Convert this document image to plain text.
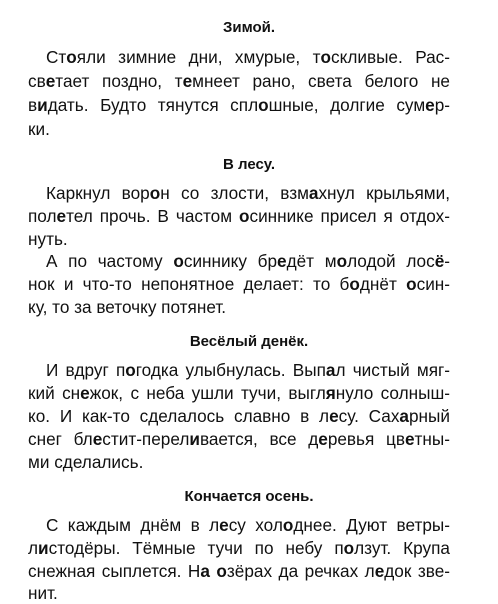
Зимой.
Стояли зимние дни, хмурые, тоскливые. Рас-
светает поздно, темнеет рано, света белого не
видать. Будто тянутся сплошные, долгие сумер-
ки.
В лесу.
Каркнул ворон со злости, взмахнул крыльями,
полетел прочь. В частом осиннике присел я отдох-
нуть.
А по частому осиннику бредёт молодой лосё-
нок и что-то непонятное делает: то боднёт осин-
ку, то за веточку потянет.
Весёлый денёк.
И вдруг погодка улыбнулась. Выпал чистый мяг-
кий снежок, с неба ушли тучи, выглянуло солныш-
ко. И как-то сделалось славно в лесу. Сахарный
снег блестит-переливается, все деревья цветны-
ми сделались.
Кончается осень.
С каждым днём в лесу холоднее. Дуют ветры-
листодёры. Тёмные тучи по небу ползут. Крупа
снежная сыплется. На озёрах да речках ледок зве-
нит.
